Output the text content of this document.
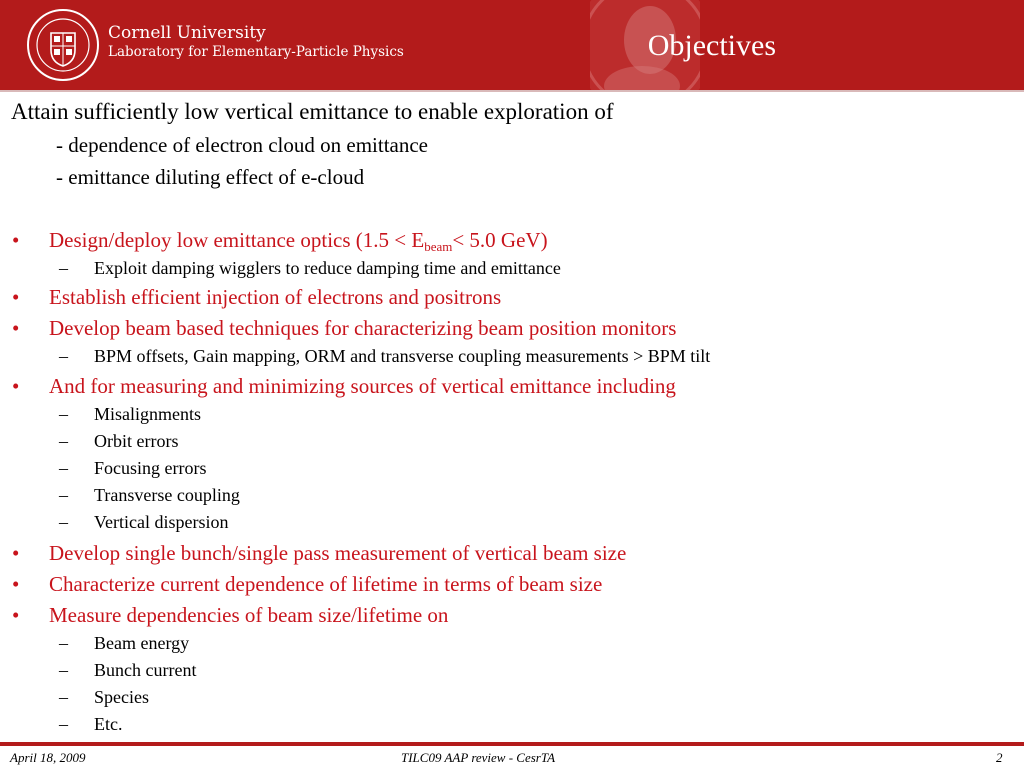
Cornell University
Laboratory for Elementary-Particle Physics	Objectives
Attain sufficiently low vertical emittance to enable exploration of
- dependence of electron cloud on emittance
- emittance diluting effect of e-cloud
• Design/deploy low emittance optics ($1.5 < E_{beam}< 5.0$ GeV)
– Exploit damping wigglers to reduce damping time and emittance
• Establish efficient injection of electrons and positrons
• Develop beam based techniques for characterizing beam position monitors
– BPM offsets, Gain mapping, ORM and transverse coupling measurements > BPM tilt
• And for measuring and minimizing sources of vertical emittance including
– Misalignments
– Orbit errors
– Focusing errors
– Transverse coupling
– Vertical dispersion
• Develop single bunch/single pass measurement of vertical beam size
• Characterize current dependence of lifetime in terms of beam size
• Measure dependencies of beam size/lifetime on
– Beam energy
– Bunch current
– Species
– Etc.
April 18, 2009	TILC09 AAP review - CesrTA	2
